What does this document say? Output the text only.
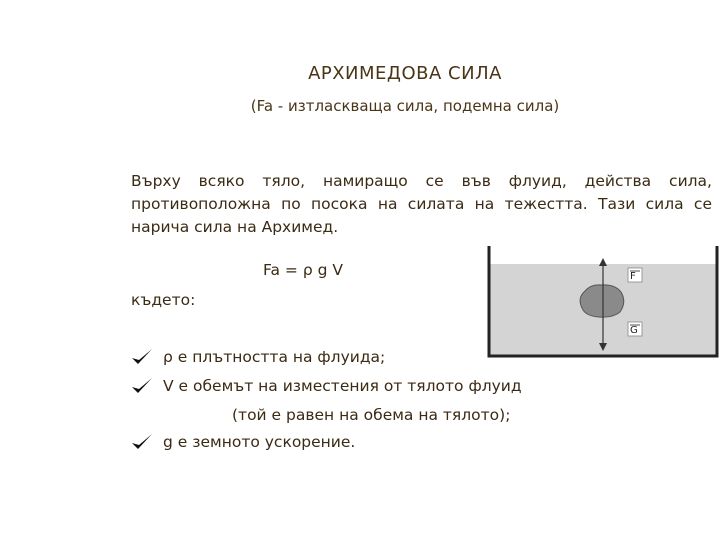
АРХИМЕДОВА СИЛА
(Fa - изтласкваща сила, подемна сила)
Върху всяко тяло, намиращо се във флуид, действа сила, противоположна по посока на силата на тежестта. Тази сила се нарича сила на Архимед.
Fa = ρ g V
където:
ρ е плътността на флуида;
V е обемът на изместения от тялото флуид
(той е равен на обема на тялото);
g е земното ускорение.
F
G
